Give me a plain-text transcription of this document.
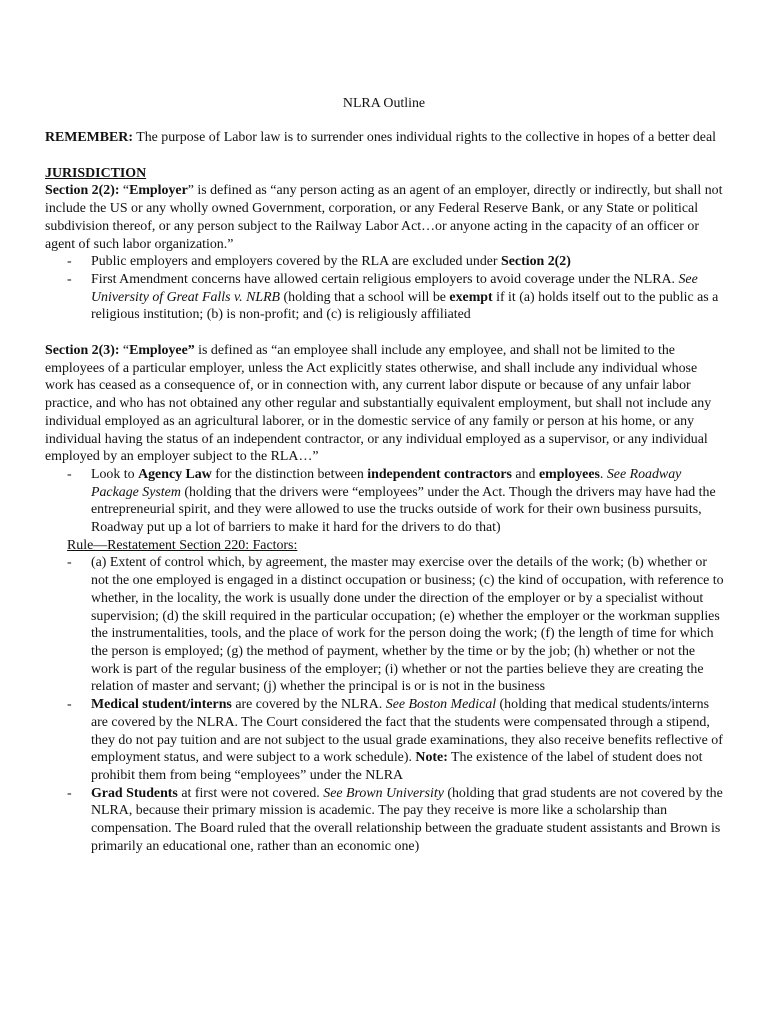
NLRA Outline

REMEMBER: The purpose of Labor law is to surrender ones individual rights to the collective in hopes of a better deal

JURISDICTION

Section 2(2): “Employer” is defined as “any person acting as an agent of an employer, directly or indirectly, but shall not include the US or any wholly owned Government, corporation, or any Federal Reserve Bank, or any State or political subdivision thereof, or any person subject to the Railway Labor Act…or anyone acting in the capacity of an officer or agent of such labor organization.”

- Public employers and employers covered by the RLA are excluded under Section 2(2)
- First Amendment concerns have allowed certain religious employers to avoid coverage under the NLRA. See University of Great Falls v. NLRB (holding that a school will be exempt if it (a) holds itself out to the public as a religious institution; (b) is non-profit; and (c) is religiously affiliated

Section 2(3): “Employee” is defined as “an employee shall include any employee, and shall not be limited to the employees of a particular employer, unless the Act explicitly states otherwise, and shall include any individual whose work has ceased as a consequence of, or in connection with, any current labor dispute or because of any unfair labor practice, and who has not obtained any other regular and substantially equivalent employment, but shall not include any individual employed as an agricultural laborer, or in the domestic service of any family or person at his home, or any individual having the status of an independent contractor, or any individual employed as a supervisor, or any individual employed by an employer subject to the RLA…”

- Look to Agency Law for the distinction between independent contractors and employees. See Roadway Package System (holding that the drivers were “employees” under the Act. Though the drivers may have had the entrepreneurial spirit, and they were allowed to use the trucks outside of work for their own business pursuits, Roadway put up a lot of barriers to make it hard for the drivers to do that)

Rule—Restatement Section 220: Factors:

- (a) Extent of control which, by agreement, the master may exercise over the details of the work; (b) whether or not the one employed is engaged in a distinct occupation or business; (c) the kind of occupation, with reference to whether, in the locality, the work is usually done under the direction of the employer or by a specialist without supervision; (d) the skill required in the particular occupation; (e) whether the employer or the workman supplies the instrumentalities, tools, and the place of work for the person doing the work; (f) the length of time for which the person is employed; (g) the method of payment, whether by the time or by the job; (h) whether or not the work is part of the regular business of the employer; (i) whether or not the parties believe they are creating the relation of master and servant; (j) whether the principal is or is not in the business
- Medical student/interns are covered by the NLRA. See Boston Medical (holding that medical students/interns are covered by the NLRA. The Court considered the fact that the students were compensated through a stipend, they do not pay tuition and are not subject to the usual grade examinations, they also receive benefits reflective of employment status, and were subject to a work schedule). Note: The existence of the label of student does not prohibit them from being “employees” under the NLRA
- Grad Students at first were not covered. See Brown University (holding that grad students are not covered by the NLRA, because their primary mission is academic. The pay they receive is more like a scholarship than compensation. The Board ruled that the overall relationship between the graduate student assistants and Brown is primarily an educational one, rather than an economic one)
